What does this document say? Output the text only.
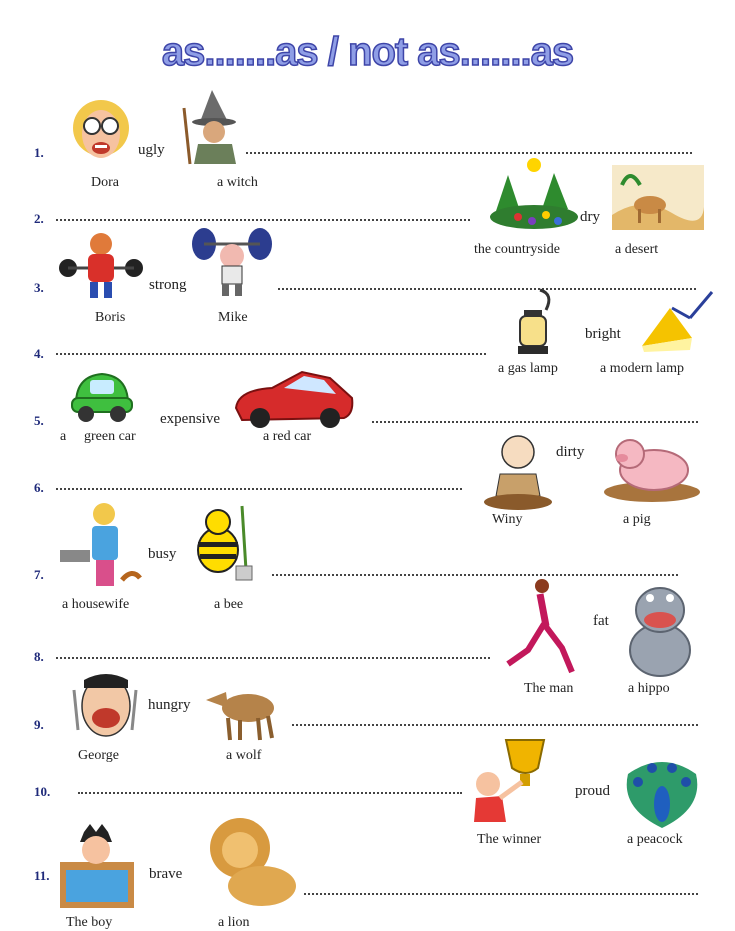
as.......as / not as.......as
1.	ugly
Dora	a witch
2.	dry
the countryside	a desert
3.	strong
Boris	Mike
4.
bright
a gas lamp	a modern lamp
5.	expensive
a green car	a red car
6.
dirty
Winy	a pig
7.
busy
a housewife	a bee
8.
fat
The man	a hippo
9.
hungry
George	a wolf
10.	proud
The winner	a peacock
11.	brave
The boy	a lion
